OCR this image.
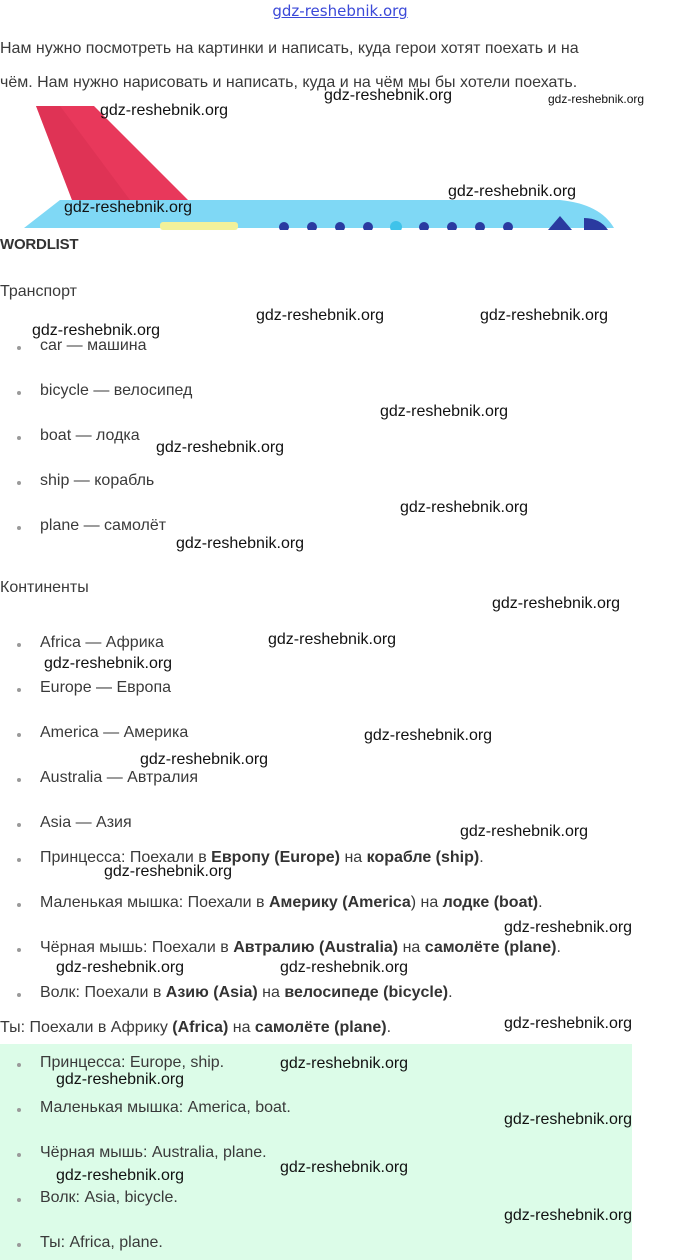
gdz-reshebnik.org
Нам нужно посмотреть на картинки и написать, куда герои хотят поехать и на
чём. Нам нужно нарисовать и написать, куда и на чём мы бы хотели поехать.
WORDLIST
Транспорт
car — машина
bicycle — велосипед
boat — лодка
ship — корабль
plane — самолёт
Континенты
Africa — Африка
Europe — Европа
America — Америка
Australia — Автралия
Asia — Азия
Принцесса: Поехали в Европу (Europe) на корабле (ship).
Маленькая мышка: Поехали в Америку (America) на лодке (boat).
Чёрная мышь: Поехали в Автралию (Australia) на самолёте (plane).
Волк: Поехали в Азию (Asia) на велосипеде (bicycle).
Ты: Поехали в Африку (Africa) на самолёте (plane).
Принцесса: Europe, ship.
Маленькая мышка: America, boat.
Чёрная мышь: Australia, plane.
Волк: Asia, bicycle.
Ты: Africa, plane.
gdz-reshebnik.org
gdz-reshebnik.org	gdz-reshebnik.org
gdz-reshebnik.org
gdz-reshebnik.org
gdz-reshebnik.org	gdz-reshebnik.org
gdz-reshebnik.org
gdz-reshebnik.org
gdz-reshebnik.org
gdz-reshebnik.org
gdz-reshebnik.org
gdz-reshebnik.org
gdz-reshebnik.org
gdz-reshebnik.org
gdz-reshebnik.org
gdz-reshebnik.org
gdz-reshebnik.org
gdz-reshebnik.org
gdz-reshebnik.org
gdz-reshebnik.org	gdz-reshebnik.org
gdz-reshebnik.org
gdz-reshebnik.org
gdz-reshebnik.org
gdz-reshebnik.org
gdz-reshebnik.org
gdz-reshebnik.org
gdz-reshebnik.org
